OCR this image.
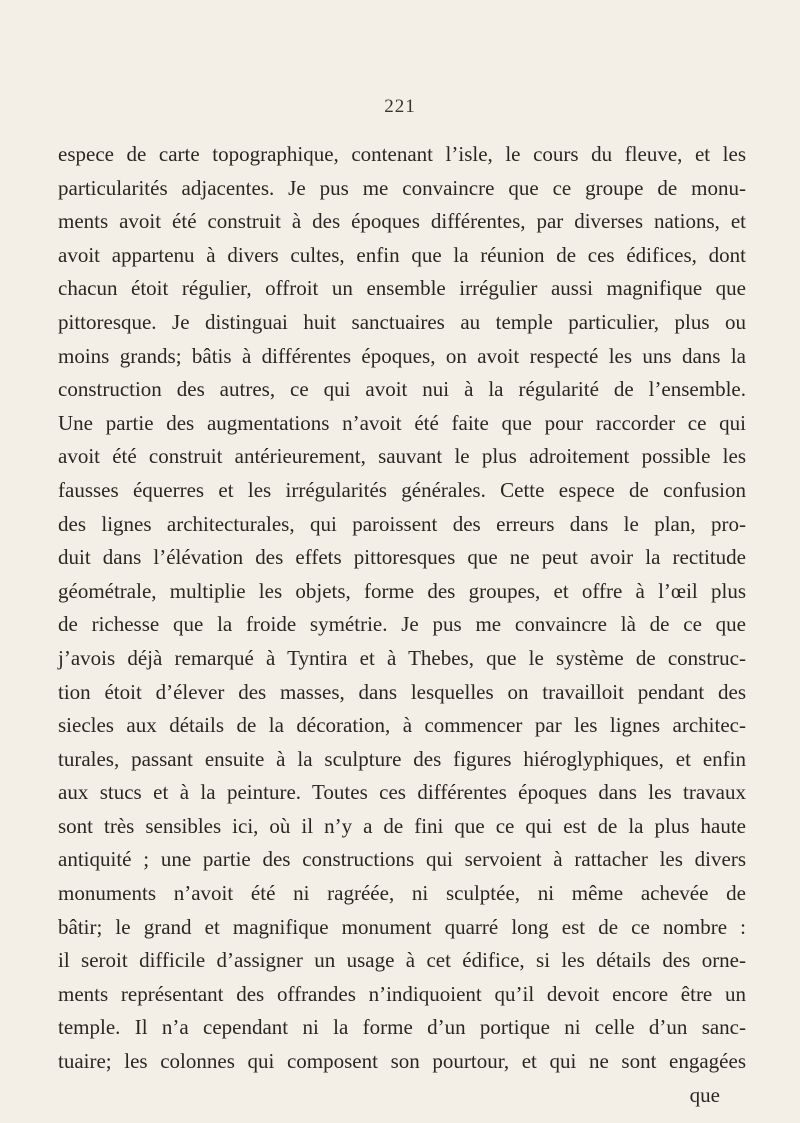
221
espece de carte topographique, contenant l’isle, le cours du fleuve, et les
particularités adjacentes. Je pus me convaincre que ce groupe de monu-
ments avoit été construit à des époques différentes, par diverses nations, et
avoit appartenu à divers cultes, enfin que la réunion de ces édifices, dont
chacun étoit régulier, offroit un ensemble irrégulier aussi magnifique que
pittoresque. Je distinguai huit sanctuaires au temple particulier, plus ou
moins grands; bâtis à différentes époques, on avoit respecté les uns dans la
construction des autres, ce qui avoit nui à la régularité de l’ensemble.
Une partie des augmentations n’avoit été faite que pour raccorder ce qui
avoit été construit antérieurement, sauvant le plus adroitement possible les
fausses équerres et les irrégularités générales. Cette espece de confusion
des lignes architecturales, qui paroissent des erreurs dans le plan, pro-
duit dans l’élévation des effets pittoresques que ne peut avoir la rectitude
géométrale, multiplie les objets, forme des groupes, et offre à l’œil plus
de richesse que la froide symétrie. Je pus me convaincre là de ce que
j’avois déjà remarqué à Tyntira et à Thebes, que le système de construc-
tion étoit d’élever des masses, dans lesquelles on travailloit pendant des
siecles aux détails de la décoration, à commencer par les lignes architec-
turales, passant ensuite à la sculpture des figures hiéroglyphiques, et enfin
aux stucs et à la peinture. Toutes ces différentes époques dans les travaux
sont très sensibles ici, où il n’y a de fini que ce qui est de la plus haute
antiquité ; une partie des constructions qui servoient à rattacher les divers
monuments n’avoit été ni ragréée, ni sculptée, ni même achevée de
bâtir; le grand et magnifique monument quarré long est de ce nombre :
il seroit difficile d’assigner un usage à cet édifice, si les détails des orne-
ments représentant des offrandes n’indiquoient qu’il devoit encore être un
temple. Il n’a cependant ni la forme d’un portique ni celle d’un sanc-
tuaire; les colonnes qui composent son pourtour, et qui ne sont engagées
que
